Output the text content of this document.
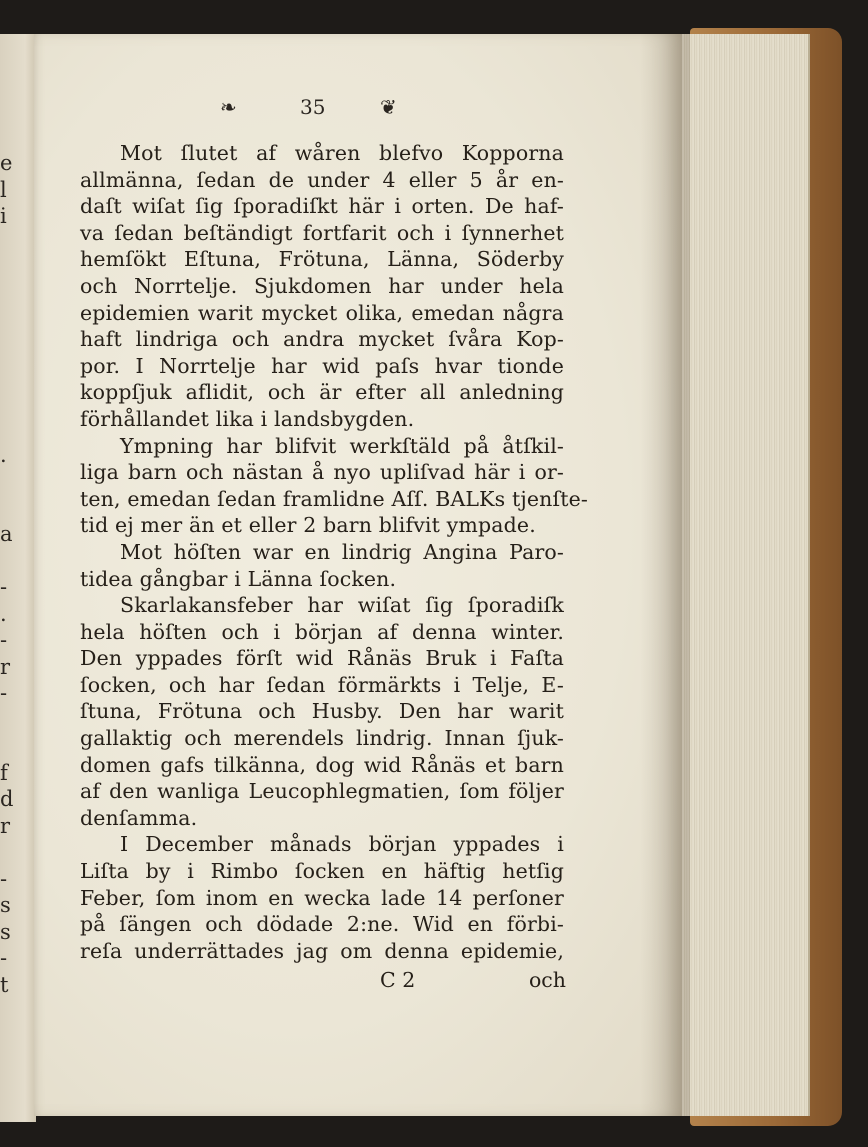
e
l
i
.
a
-
.
-
r
-
f
d
r
-
s
s
-
t
❧	35	❦
Mot ſlutet af wåren blefvo Kopporna
allmänna, ſedan de under 4 eller 5 år en-
daſt wiſat ſig ſporadiſkt här i orten. De haf-
va ſedan beſtändigt fortfarit och i ſynnerhet
hemſökt Eſtuna, Frötuna, Länna, Söderby
och Norrtelje. Sjukdomen har under hela
epidemien warit mycket olika, emedan några
haft lindriga och andra mycket ſvåra Kop-
por. I Norrtelje har wid paſs hvar tionde
koppſjuk aflidit, och är efter all anledning
förhållandet lika i landsbygden.
Ympning har blifvit werkſtäld på åtſkil-
liga barn och nästan å nyo upliſvad här i or-
ten, emedan ſedan framlidne Aſſ. BALKs tjenſte-
tid ej mer än et eller 2 barn blifvit ympade.
Mot höſten war en lindrig Angina Paro-
tidea gångbar i Länna ſocken.
Skarlakansfeber har wiſat ſig ſporadiſk
hela höſten och i början af denna winter.
Den yppades förſt wid Rånäs Bruk i Faſta
ſocken, och har ſedan förmärkts i Telje, E-
ſtuna, Frötuna och Husby. Den har warit
gallaktig och merendels lindrig. Innan ſjuk-
domen gafs tilkänna, dog wid Rånäs et barn
af den wanliga Leucophlegmatien, ſom följer
denſamma.
I December månads början yppades i
Liſta by i Rimbo ſocken en häftig hetſig
Feber, ſom inom en wecka lade 14 perſoner
på ſängen och dödade 2:ne. Wid en förbi-
reſa underrättades jag om denna epidemie,
C 2	och
